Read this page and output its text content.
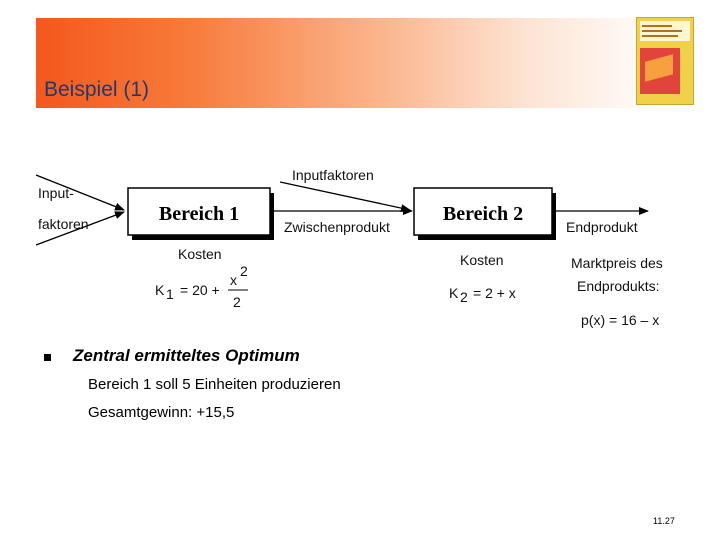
Beispiel (1)
Input-
faktoren	Bereich 1	Bereich 2
Inputfaktoren
Zwischenprodukt	Endprodukt
Kosten
K 1 = 20 +
x
2
2
Kosten
K 2 = 2 + x
Marktpreis des
Endprodukts:
p(x) = 16 – x
Zentral ermitteltes Optimum
Bereich 1 soll 5 Einheiten produzieren
Gesamtgewinn: +15,5
11.27
